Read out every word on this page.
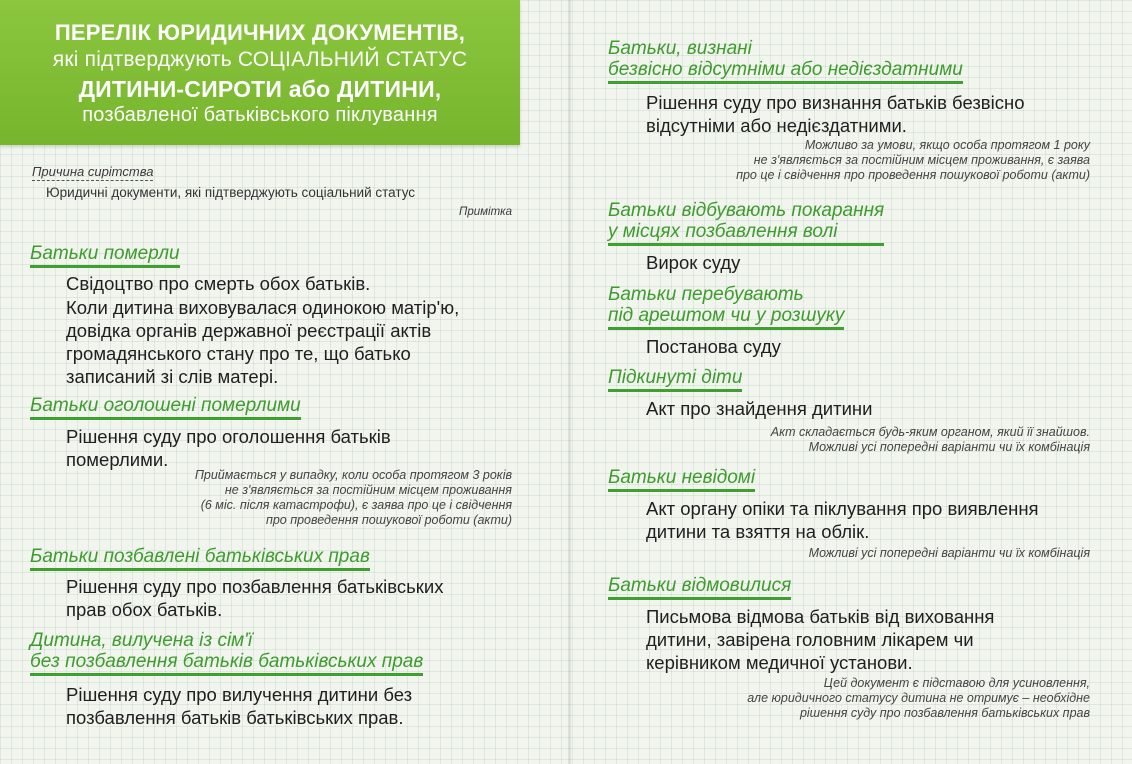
ПЕРЕЛІК ЮРИДИЧНИХ ДОКУМЕНТІВ,
які підтверджують СОЦІАЛЬНИЙ СТАТУС
ДИТИНИ-СИРОТИ або ДИТИНИ,
позбавленої батьківського піклування
Причина сирітства
Юридичні документи, які підтверджують соціальний статус
Примітка
Батьки померли
Свідоцтво про смерть обох батьків.
Коли дитина виховувалася одинокою матір'ю,
довідка органів державної реєстрації актів
громадянського стану про те, що батько
записаний зі слів матері.
Батьки оголошені померлими
Рішення суду про оголошення батьків
померлими.
Приймається у випадку, коли особа протягом 3 років
не з'являється за постійним місцем проживання
(6 міс. після катастрофи), є заява про це і свідчення
про проведення пошукової роботи (акти)
Батьки позбавлені батьківських прав
Рішення суду про позбавлення батьківських
прав обох батьків.
Дитина, вилучена із сім'ї
без позбавлення батьків батьківських прав
Рішення суду про вилучення дитини без
позбавлення батьків батьківських прав.
Батьки, визнані
безвісно відсутніми або недієздатними
Рішення суду про визнання батьків безвісно
відсутніми або недієздатними.
Можливо за умови, якщо особа протягом 1 року
не з'являється за постійним місцем проживання, є заява
про це і свідчення про проведення пошукової роботи (акти)
Батьки відбувають покарання
у місцях позбавлення волі
Вирок суду
Батьки перебувають
під арештом чи у розшуку
Постанова суду
Підкинуті діти
Акт про знайдення дитини
Акт складається будь-яким органом, який її знайшов.
Можливі усі попередні варіанти чи їх комбінація
Батьки невідомі
Акт органу опіки та піклування про виявлення
дитини та взяття на облік.
Можливі усі попередні варіанти чи їх комбінація
Батьки відмовилися
Письмова відмова батьків від виховання
дитини, завірена головним лікарем чи
керівником медичної установи.
Цей документ є підставою для усиновлення,
але юридичного статусу дитина не отримує – необхідне
рішення суду про позбавлення батьківських прав
